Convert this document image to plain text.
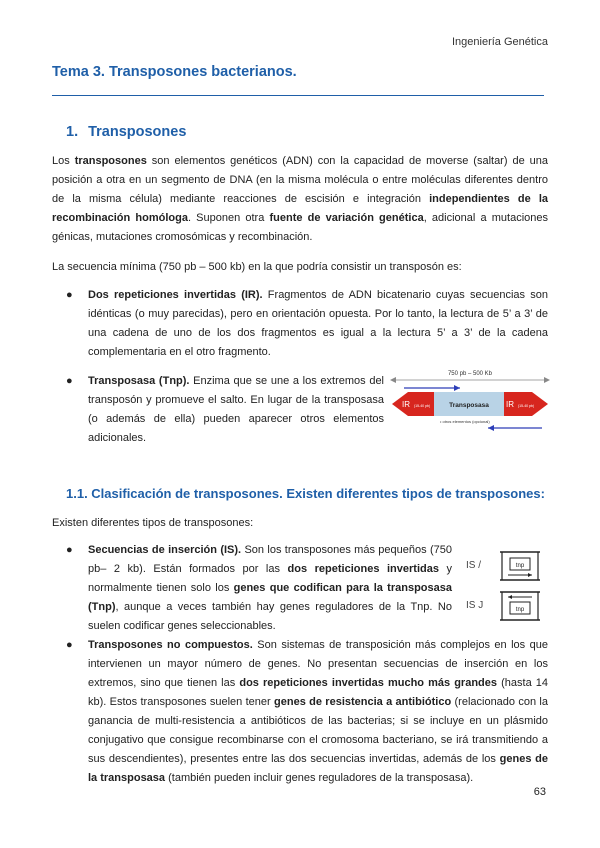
Ingeniería Genética
Tema 3. Transposones bacterianos.
1. Transposones
Los transposones son elementos genéticos (ADN) con la capacidad de moverse (saltar) de una posición a otra en un segmento de DNA (en la misma molécula o entre moléculas diferentes dentro de la misma célula) mediante reacciones de escisión e integración independientes de la recombinación homóloga. Suponen otra fuente de variación genética, adicional a mutaciones génicas, mutaciones cromosómicas y recombinación.
La secuencia mínima (750 pb – 500 kb) en la que podría consistir un transposón es:
● Dos repeticiones invertidas (IR). Fragmentos de ADN bicatenario cuyas secuencias son idénticas (o muy parecidas), pero en orientación opuesta. Por lo tanto, la lectura de 5’ a 3’ de una cadena de uno de los dos fragmentos es igual a la lectura 5’ a 3’ de la cadena complementaria en el otro fragmento.
● Transposasa (Tnp). Enzima que se une a los extremos del transposón y promueve el salto. En lugar de la transposasa (o además de ella) pueden aparecer otros elementos adicionales.
750 pb – 500 Kb
IR (15-40 pb)	Transposasa IR (15-40 pb)
• otros elementos (opcional)
1.1. Clasificación de transposones. Existen diferentes tipos de transposones:
Existen diferentes tipos de transposones:
● Secuencias de inserción (IS). Son los transposones más pequeños (750 pb– 2 kb). Están formados por las dos repeticiones invertidas y normalmente tienen solo los genes que codifican para la transposasa (Tnp), aunque a veces también hay genes reguladores de la Tnp. No suelen codificar genes seleccionables.
IS /	tnp
IS J	tnp
● Transposones no compuestos. Son sistemas de transposición más complejos en los que intervienen un mayor número de genes. No presentan secuencias de inserción en los extremos, sino que tienen las dos repeticiones invertidas mucho más grandes (hasta 14 kb). Estos transposones suelen tener genes de resistencia a antibiótico (relacionado con la ganancia de multi-resistencia a antibióticos de las bacterias; si se incluye en un plásmido conjugativo que consigue recombinarse con el cromosoma bacteriano, se irá transmitiendo a sus descendientes), presentes entre las dos secuencias invertidas, además de los genes de la transposasa (también pueden incluir genes reguladores de la transposasa).
63
